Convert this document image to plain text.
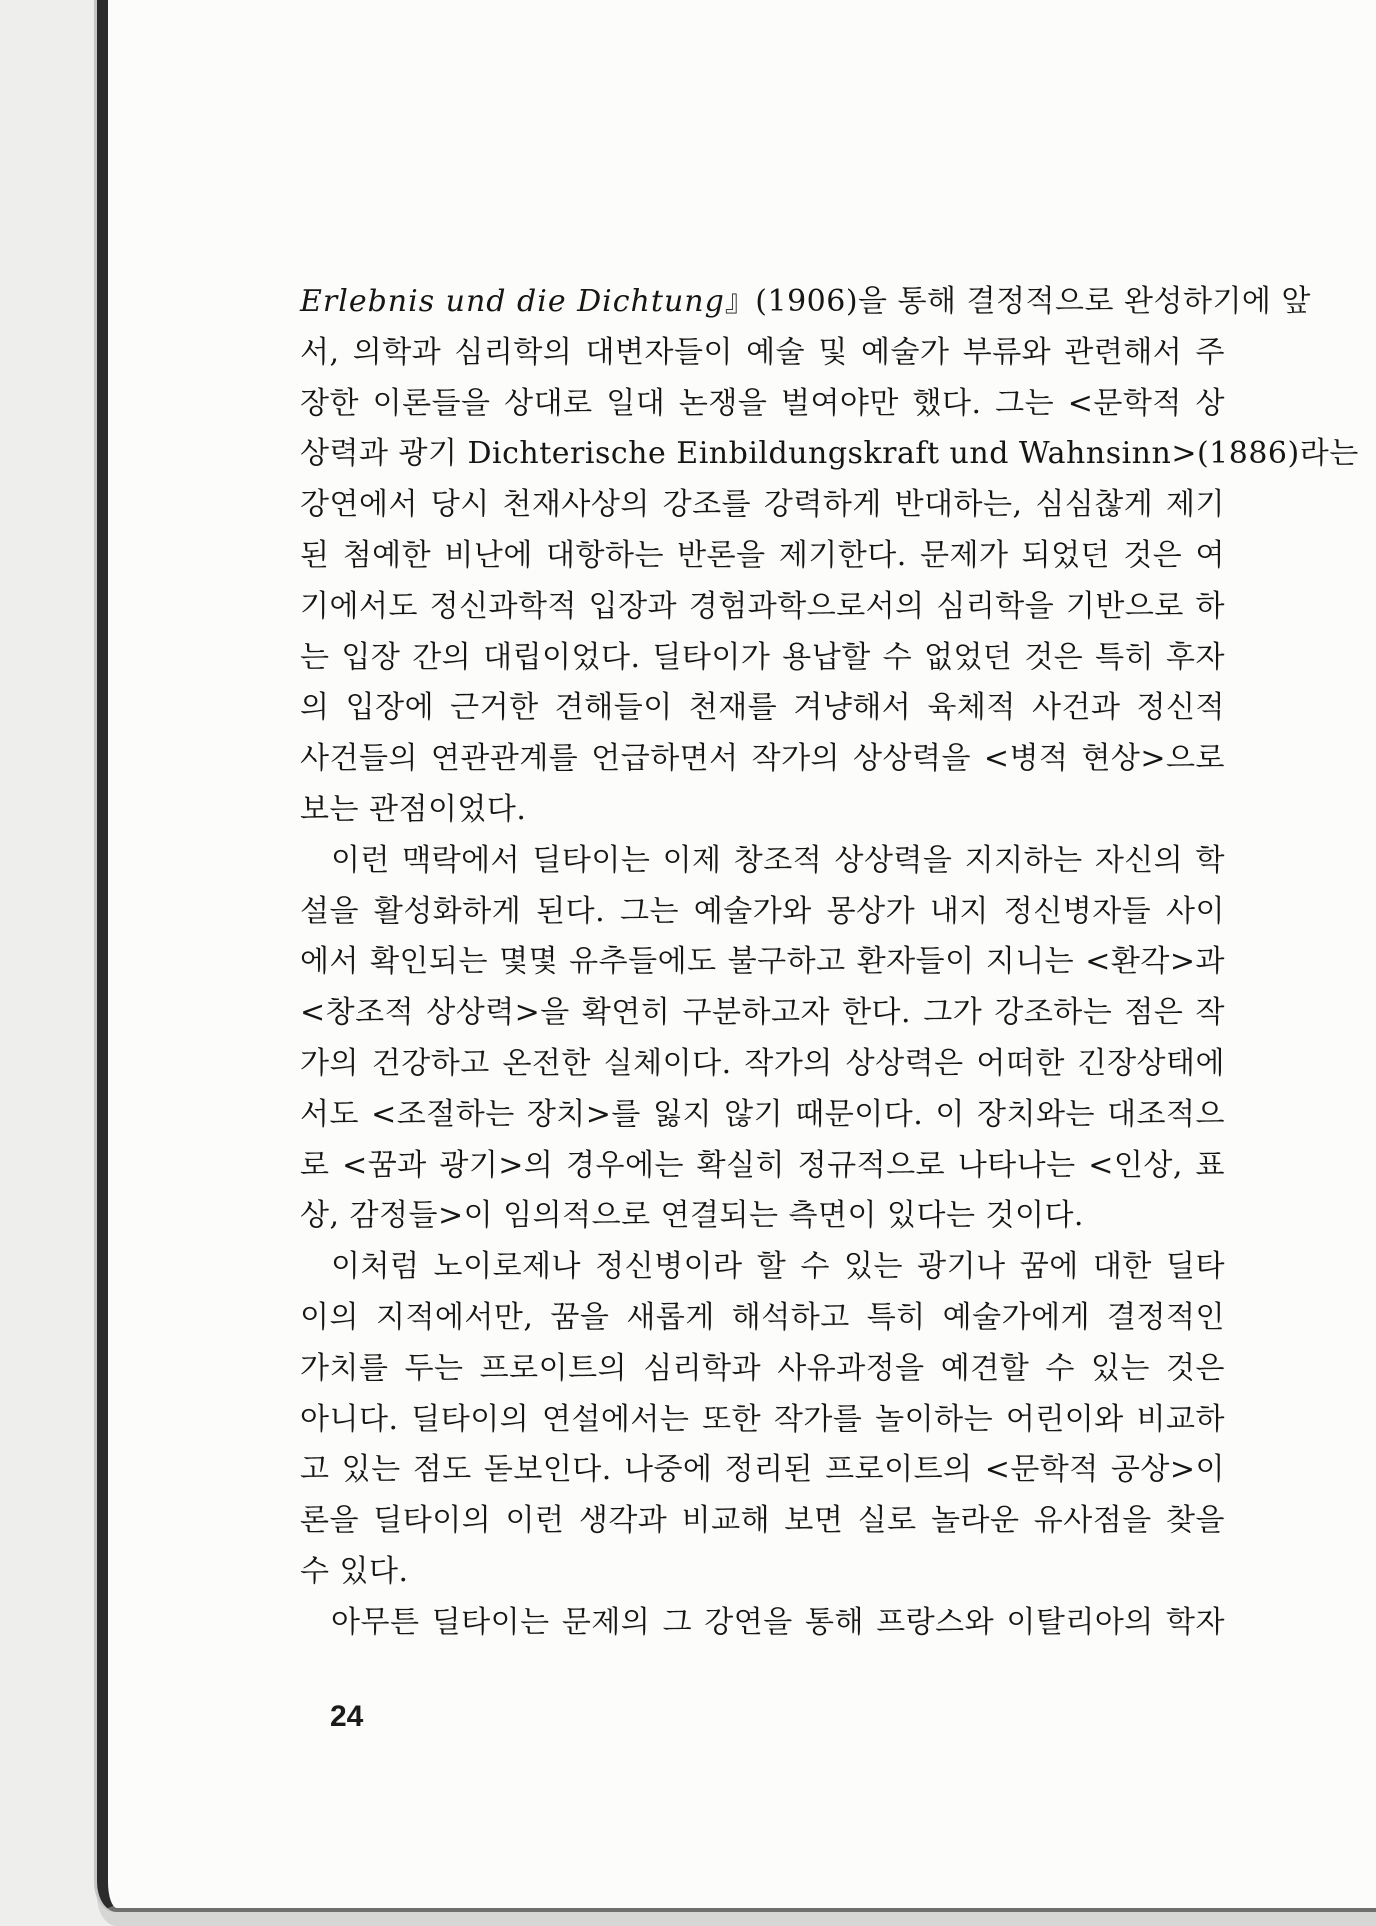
Erlebnis und die Dichtung』(1906)을 통해 결정적으로 완성하기에 앞
서, 의학과 심리학의 대변자들이 예술 및 예술가 부류와 관련해서 주
장한 이론들을 상대로 일대 논쟁을 벌여야만 했다. 그는 <문학적 상
상력과 광기 Dichterische Einbildungskraft und Wahnsinn>(1886)라는
강연에서 당시 천재사상의 강조를 강력하게 반대하는, 심심찮게 제기
된 첨예한 비난에 대항하는 반론을 제기한다. 문제가 되었던 것은 여
기에서도 정신과학적 입장과 경험과학으로서의 심리학을 기반으로 하
는 입장 간의 대립이었다. 딜타이가 용납할 수 없었던 것은 특히 후자
의 입장에 근거한 견해들이 천재를 겨냥해서 육체적 사건과 정신적
사건들의 연관관계를 언급하면서 작가의 상상력을 <병적 현상>으로
보는 관점이었다.
이런 맥락에서 딜타이는 이제 창조적 상상력을 지지하는 자신의 학
설을 활성화하게 된다. 그는 예술가와 몽상가 내지 정신병자들 사이
에서 확인되는 몇몇 유추들에도 불구하고 환자들이 지니는 <환각>과
<창조적 상상력>을 확연히 구분하고자 한다. 그가 강조하는 점은 작
가의 건강하고 온전한 실체이다. 작가의 상상력은 어떠한 긴장상태에
서도 <조절하는 장치>를 잃지 않기 때문이다. 이 장치와는 대조적으
로 <꿈과 광기>의 경우에는 확실히 정규적으로 나타나는 <인상, 표
상, 감정들>이 임의적으로 연결되는 측면이 있다는 것이다.
이처럼 노이로제나 정신병이라 할 수 있는 광기나 꿈에 대한 딜타
이의 지적에서만, 꿈을 새롭게 해석하고 특히 예술가에게 결정적인
가치를 두는 프로이트의 심리학과 사유과정을 예견할 수 있는 것은
아니다. 딜타이의 연설에서는 또한 작가를 놀이하는 어린이와 비교하
고 있는 점도 돋보인다. 나중에 정리된 프로이트의 <문학적 공상>이
론을 딜타이의 이런 생각과 비교해 보면 실로 놀라운 유사점을 찾을
수 있다.
아무튼 딜타이는 문제의 그 강연을 통해 프랑스와 이탈리아의 학자
24
